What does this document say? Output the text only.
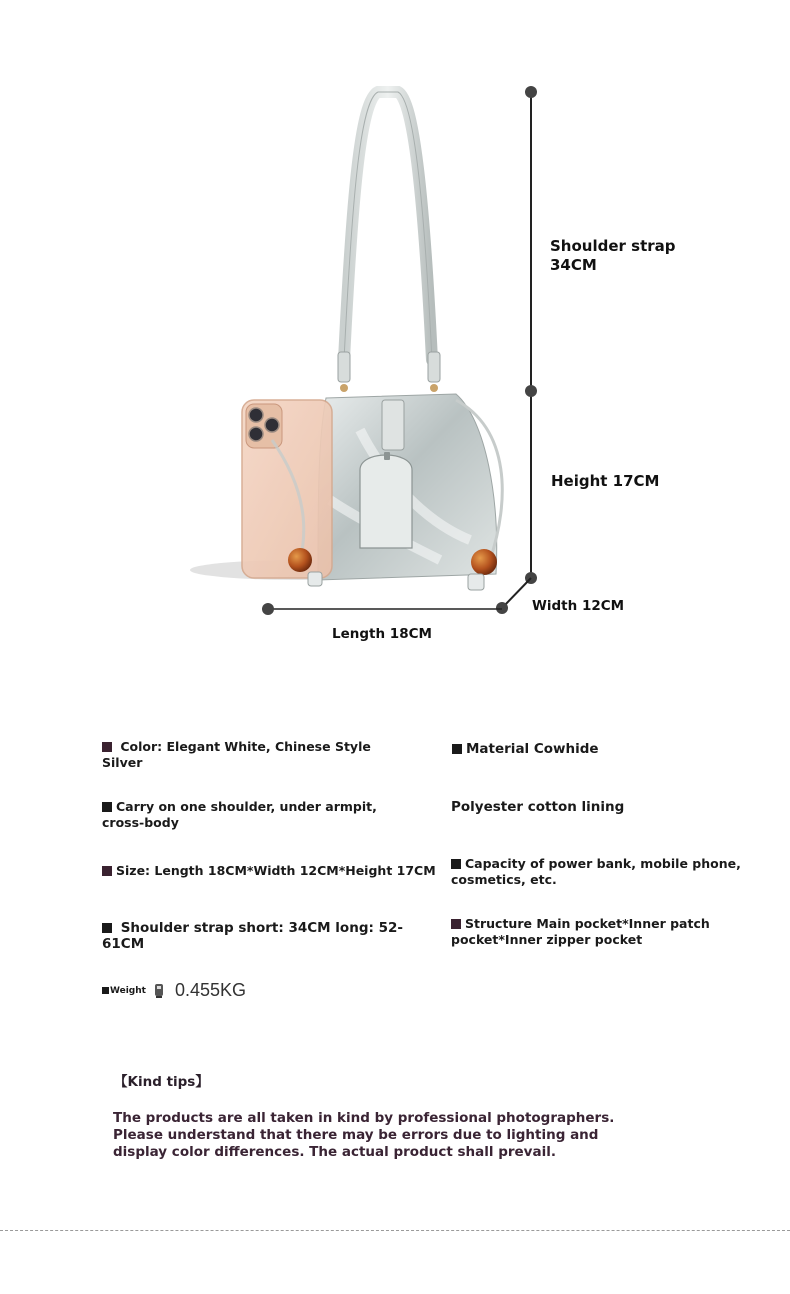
Shoulder strap
34CM
Height 17CM
Width 12CM
Length 18CM
Color: Elegant White, Chinese Style Silver
Carry on one shoulder, under armpit, cross-body
Size: Length 18CM*Width 12CM*Height 17CM
Shoulder strap short: 34CM long: 52-61CM
Material Cowhide
Polyester cotton lining
Capacity of power bank, mobile phone, cosmetics, etc.
Structure Main pocket*Inner patch pocket*Inner zipper pocket
Weight	0.455KG
【Kind tips】
The products are all taken in kind by professional photographers. Please understand that there may be errors due to lighting and display color differences. The actual product shall prevail.
